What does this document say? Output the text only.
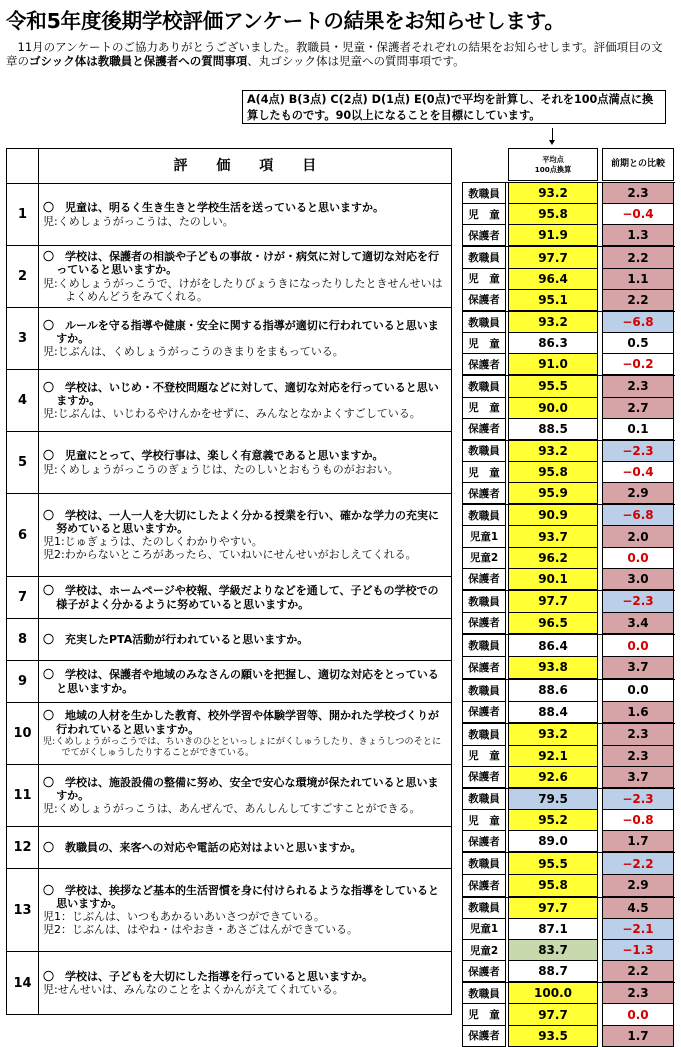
令和5年度後期学校評価アンケートの結果をお知らせします。

11月のアンケートのご協力ありがとうございました。教職員・児童・保護者それぞれの結果をお知らせします。評価項目の文章のゴシック体は教職員と保護者への質問事項、丸ゴシック体は児童への質問事項です。

A(4点) B(3点) C(2点) D(1点) E(0点)で平均を計算し、それを100点満点に換算したものです。90以上になることを目標にしています。
評　　価　　項　　目
1	〇　児童は、明るく生き生きと学校生活を送っていると思いますか。
児:くめしょうがっこうは、たのしい。
2
〇　学校は、保護者の相談や子どもの事故・けが・病気に対して適切な対応を行っていると思いますか。
児:くめしょうがっこうで、けがをしたりびょうきになったりしたときせんせいはよくめんどうをみてくれる。
3
〇　ルールを守る指導や健康・安全に関する指導が適切に行われていると思いますか。
児:じぶんは、くめしょうがっこうのきまりをまもっている。
4
〇　学校は、いじめ・不登校問題などに対して、適切な対応を行っていると思いますか。
児:じぶんは、いじわるやけんかをせずに、みんなとなかよくすごしている。
5	〇　児童にとって、学校行事は、楽しく有意義であると思いますか。
児:くめしょうがっこうのぎょうじは、たのしいとおもうものがおおい。
6
〇　学校は、一人一人を大切にしたよく分かる授業を行い、確かな学力の充実に努めていると思いますか。
児1:じゅぎょうは、たのしくわかりやすい。
児2:わからないところがあったら、ていねいにせんせいがおしえてくれる。
7	〇　学校は、ホームページや校報、学級だよりなどを通して、子どもの学校での様子がよく分かるように努めていると思いますか。
8	〇　充実したPTA活動が行われていると思いますか。
9	〇　学校は、保護者や地域のみなさんの願いを把握し、適切な対応をとっていると思いますか。
10
〇　地域の人材を生かした教育、校外学習や体験学習等、開かれた学校づくりが行われていると思いますか。
児:くめしょうがっこうでは、ちいきのひとといっしょにがくしゅうしたり、きょうしつのそとにでてがくしゅうしたりすることができている。
11
〇　学校は、施設設備の整備に努め、安全で安心な環境が保たれていると思いますか。
児:くめしょうがっこうは、あんぜんで、あんしんしてすごすことができる。
12	〇　教職員の、来客への対応や電話の応対はよいと思いますか。
13
〇　学校は、挨拶など基本的生活習慣を身に付けられるような指導をしていると思いますか。
児1：じぶんは、いつもあかるいあいさつができている。
児2：じぶんは、はやね・はやおき・あさごはんができている。
14	〇　学校は、子どもを大切にした指導を行っていると思いますか。
児:せんせいは、みんなのことをよくかんがえてくれている。
平均点
100点換算
前期との比較
教職員	93.2	2.3
児　童	95.8	−0.4
保護者	91.9	1.3
教職員	97.7	2.2
児　童	96.4	1.1
保護者	95.1	2.2
教職員	93.2	−6.8
児　童	86.3	0.5
保護者	91.0	−0.2
教職員	95.5	2.3
児　童	90.0	2.7
保護者	88.5	0.1
教職員	93.2	−2.3
児　童	95.8	−0.4
保護者	95.9	2.9
教職員	90.9	−6.8
児童1	93.7	2.0
児童2	96.2	0.0
保護者	90.1	3.0
教職員	97.7	−2.3
保護者	96.5	3.4
教職員	86.4	0.0
保護者	93.8	3.7
教職員	88.6	0.0
保護者	88.4	1.6
教職員	93.2	2.3
児　童	92.1	2.3
保護者	92.6	3.7
教職員	79.5	−2.3
児　童	95.2	−0.8
保護者	89.0	1.7
教職員	95.5	−2.2
保護者	95.8	2.9
教職員	97.7	4.5
児童1	87.1	−2.1
児童2	83.7	−1.3
保護者	88.7	2.2
教職員	100.0	2.3
児　童	97.7	0.0
保護者	93.5	1.7
